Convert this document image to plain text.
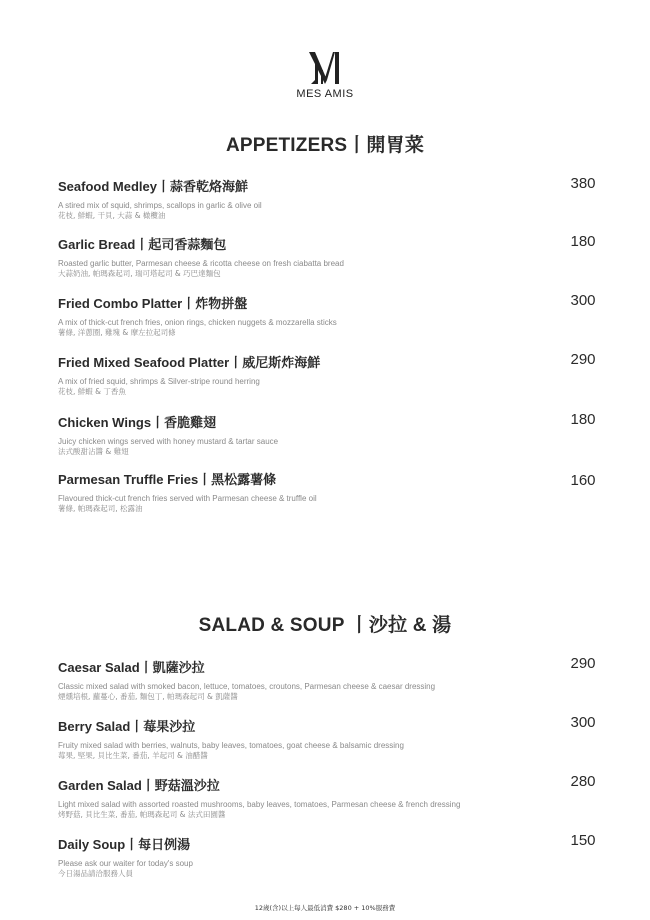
MES AMIS
APPETIZERS丨開胃菜
Seafood Medley丨蒜香乾烙海鮮
A stired mix of squid, shrimps, scallops in garlic & olive oil
花枝, 鮮蝦, 干貝, 大蒜 & 橄欖油
380
Garlic Bread丨起司香蒜麵包
Roasted garlic butter, Parmesan cheese & ricotta cheese on fresh ciabatta bread
大蒜奶油, 帕瑪森起司, 瑞可塔起司 & 巧巴達麵包
180
Fried Combo Platter丨炸物拼盤
A mix of thick-cut french fries, onion rings, chicken nuggets & mozzarella sticks
薯條, 洋蔥圈, 雞塊 & 摩左拉起司條
300
Fried Mixed Seafood Platter丨威尼斯炸海鮮
A mix of fried squid, shrimps & Silver-stripe round herring
花枝, 鮮蝦 & 丁香魚
290
Chicken Wings丨香脆雞翅
Juicy chicken wings served with honey mustard & tartar sauce
法式酸甜沾醬 & 雞翅
180
Parmesan Truffle Fries丨黑松露薯條
Flavoured thick-cut french fries served with Parmesan cheese & truffle oil
薯條, 帕瑪森起司, 松露油
160
SALAD & SOUP 丨沙拉 & 湯
Caesar Salad丨凱薩沙拉
Classic mixed salad with smoked bacon, lettuce, tomatoes, croutons, Parmesan cheese & caesar dressing
煙燻培根, 蘿蔓心, 番茄, 麵包丁, 帕瑪森起司 & 凱薩醬
290
Berry Salad丨莓果沙拉
Fruity mixed salad with berries, walnuts, baby leaves, tomatoes, goat cheese & balsamic dressing
莓果, 堅果, 貝比生菜, 番茄, 羊起司 & 油醋醬
300
Garden Salad丨野菇溫沙拉
Light mixed salad with assorted roasted mushrooms, baby leaves, tomatoes, Parmesan cheese & french dressing
烤野菇, 貝比生菜, 番茄, 帕瑪森起司 & 法式田園醬
280
Daily Soup丨每日例湯
Please ask our waiter for today's soup
今日湯品請洽服務人員
150
12歲(含)以上每人最低消費 $280 + 10%服務費
